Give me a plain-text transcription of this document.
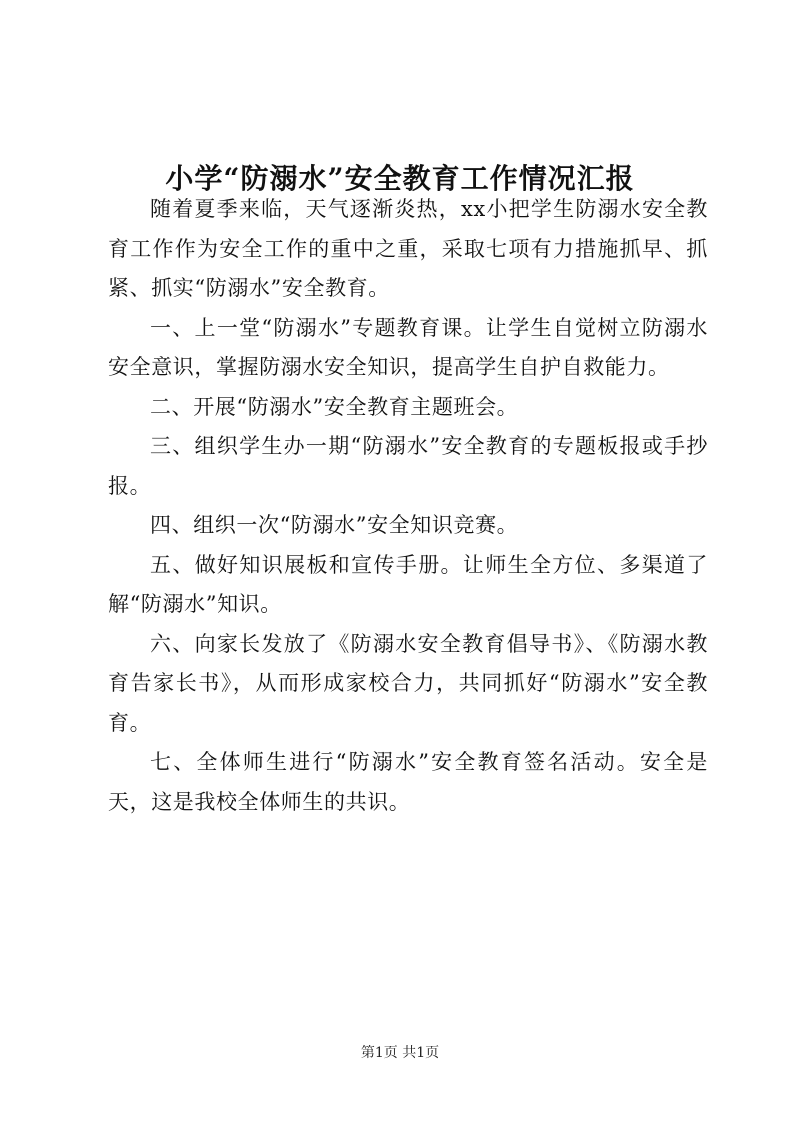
小学“防溺水”安全教育工作情况汇报

随着夏季来临，天气逐渐炎热，xx小把学生防溺水安全教育工作作为安全工作的重中之重，采取七项有力措施抓早、抓紧、抓实“防溺水”安全教育。

一、上一堂“防溺水”专题教育课。让学生自觉树立防溺水安全意识，掌握防溺水安全知识，提高学生自护自救能力。

二、开展“防溺水”安全教育主题班会。

三、组织学生办一期“防溺水”安全教育的专题板报或手抄报。

四、组织一次“防溺水”安全知识竞赛。

五、做好知识展板和宣传手册。让师生全方位、多渠道了解“防溺水”知识。

六、向家长发放了《防溺水安全教育倡导书》、《防溺水教育告家长书》，从而形成家校合力，共同抓好“防溺水”安全教育。

七、全体师生进行“防溺水”安全教育签名活动。安全是天，这是我校全体师生的共识。

第1页 共1页
